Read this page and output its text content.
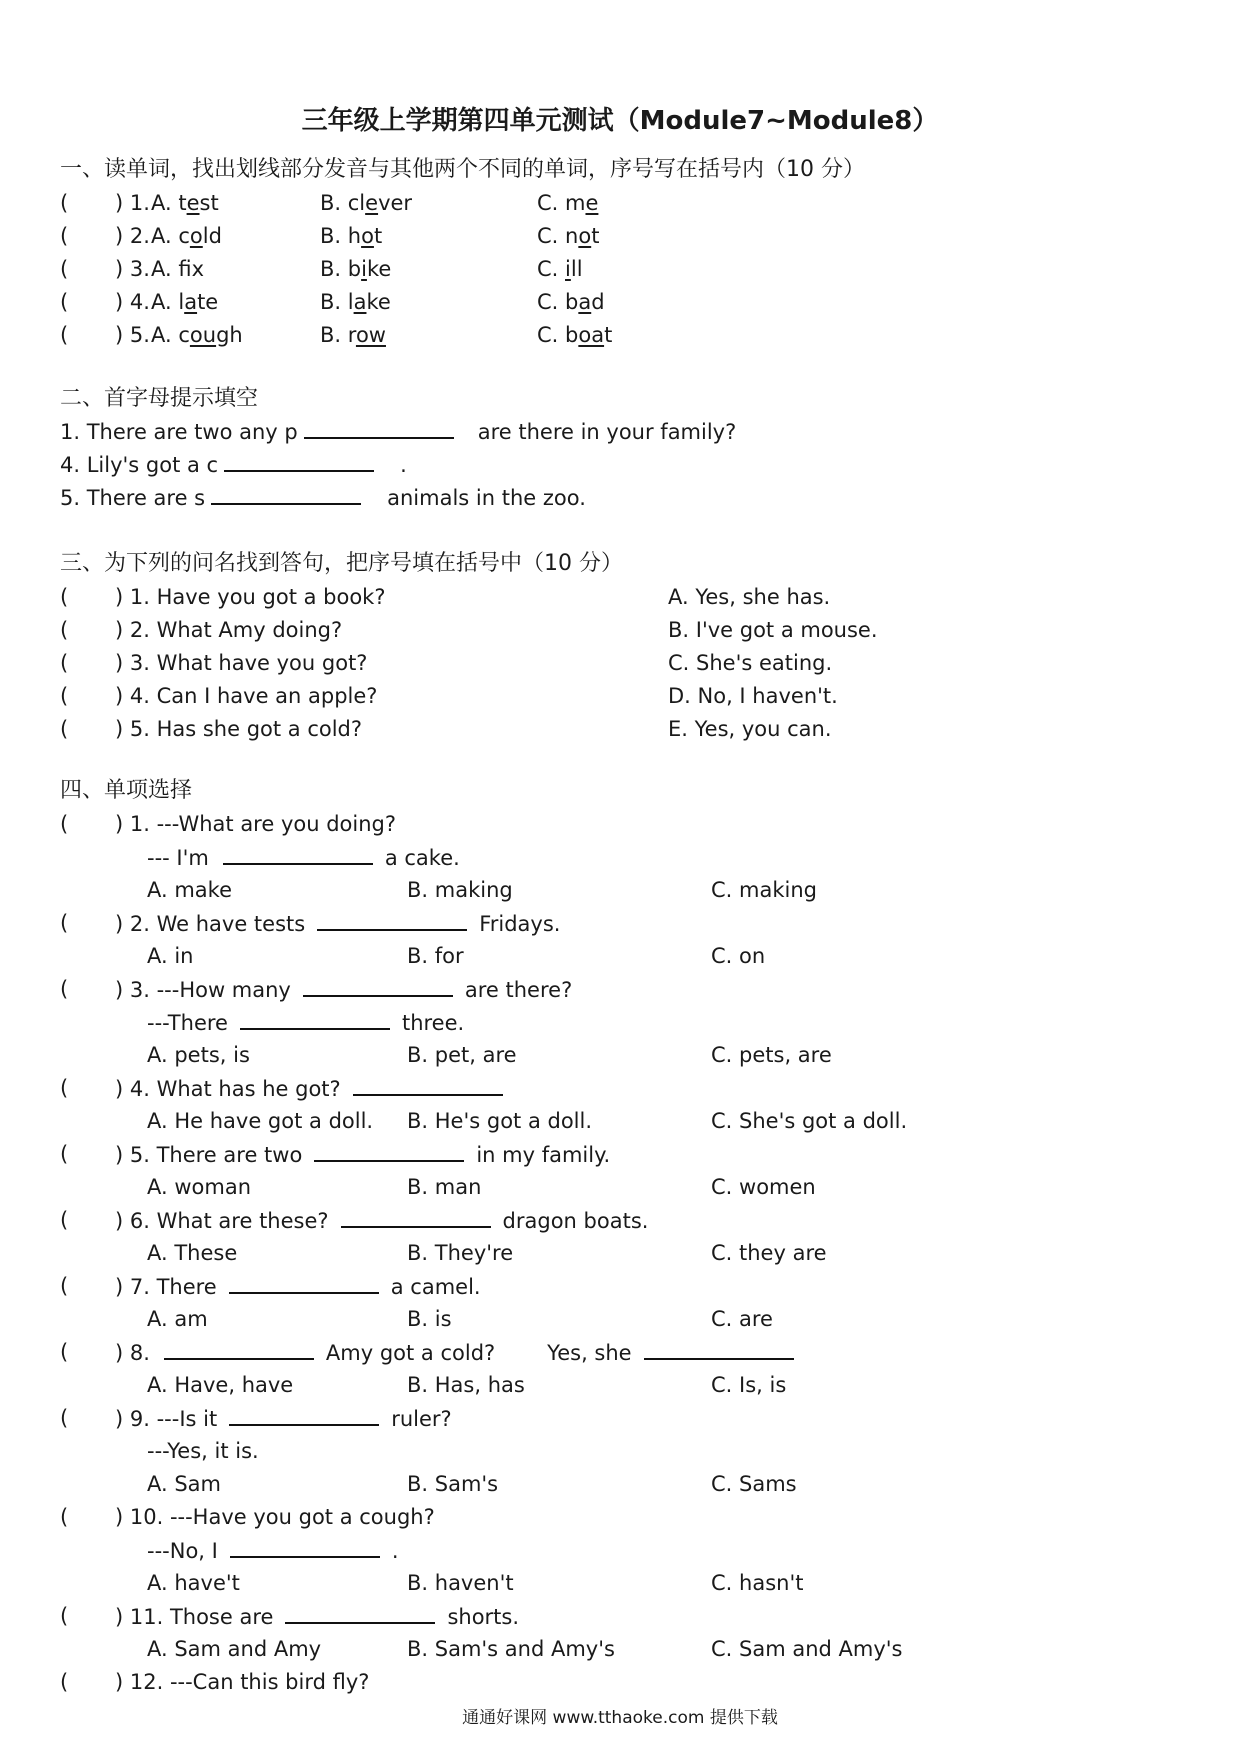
三年级上学期第四单元测试（Module7~Module8）
一、读单词，找出划线部分发音与其他两个不同的单词，序号写在括号内（10 分）
( ) 1. A. test	B. clever	C. me
( ) 2. A. cold	B. hot	C. not
( ) 3. A. fx	B. bike	C. ill
( ) 4. A. late	B. lake	C. bad
( ) 5. A. cough	B. row	C. boat
二、首字母提示填空
1. There are two any p	are there in your family?
4. Lily's got a c	.
5. There are s	animals in the zoo.
三、为下列的问名找到答句，把序号填在括号中（10 分）
( ) 1. Have you got a book?	A. Yes, she has.
( ) 2. What Amy doing?	B. I've got a mouse.
( ) 3. What have you got?	C. She's eating.
( ) 4. Can I have an apple?	D. No, I haven't.
( ) 5. Has she got a cold?	E. Yes, you can.
四、单项选择
( ) 1. ---What are you doing?
--- I'm	a cake.
A. make	B. making	C. making
( ) 2. We have tests	Fridays.
A. in	B. for	C. on
( ) 3. ---How many	are there?
---There	three.
A. pets, is	B. pet, are	C. pets, are
( ) 4. What has he got?
A. He have got a doll. B. He's got a doll.	C. She's got a doll.
( ) 5. There are two	in my family.
A. woman	B. man	C. women
( ) 6. What are these?	dragon boats.
A. These	B. They're	C. they are
( ) 7. There	a camel.
A. am	B. is	C. are
( ) 8.	Amy got a cold? Yes, she
A. Have, have	B. Has, has	C. Is, is
( ) 9. ---Is it	ruler?
---Yes, it is.
A. Sam	B. Sam's	C. Sams
( ) 10. ---Have you got a cough?
---No, I	.
A. have't	B. haven't	C. hasn't
( ) 11. Those are	shorts.
A. Sam and Amy	B. Sam's and Amy's	C. Sam and Amy's
( ) 12. ---Can this bird fly?
通通好课网 www.tthaoke.com 提供下载
